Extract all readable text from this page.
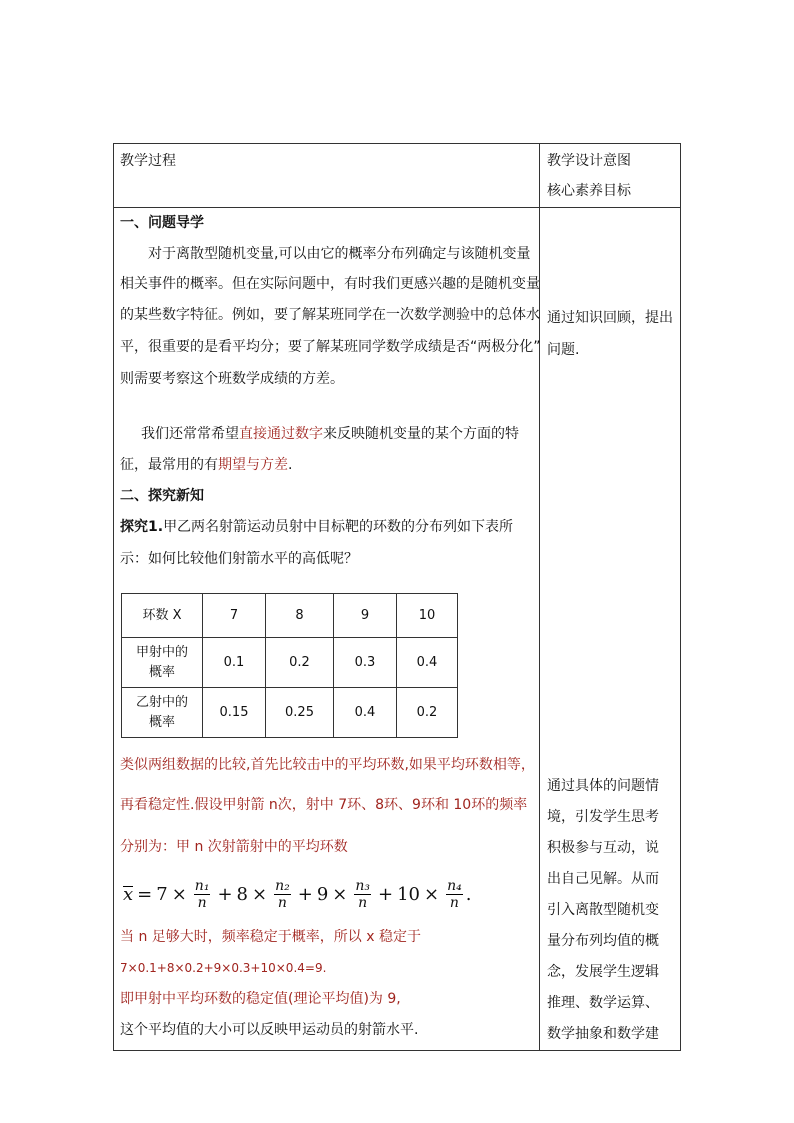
教学过程	教学设计意图
核心素养目标
一、问题导学
对于离散型随机变量,可以由它的概率分布列确定与该随机变量
相关事件的概率。但在实际问题中，有时我们更感兴趣的是随机变量
的某些数字特征。例如，要了解某班同学在一次数学测验中的总体水
平，很重要的是看平均分；要了解某班同学数学成绩是否“两极分化”
则需要考察这个班数学成绩的方差。
我们还常常希望直接通过数字来反映随机变量的某个方面的特
征，最常用的有期望与方差.
二、探究新知
探究1.甲乙两名射箭运动员射中目标靶的环数的分布列如下表所
示：如何比较他们射箭水平的高低呢？
环数 X	7	8	9	10

甲射中的
概率	0.1	0.2	0.3	0.4

乙射中的
概率	0.15	0.25	0.4	0.2
类似两组数据的比较,首先比较击中的平均环数,如果平均环数相等，
再看稳定性.假设甲射箭 n次，射中 7环、8环、9环和 10环的频率
分别为：甲 n 次射箭射中的平均环数
$x = 7 \times \frac{\text{n₁}}{n} + 8 \times \frac{\text{n₂}}{n} + 9 \times \frac{\text{n₃}}{n} + 10 \times \frac{\text{n₄}}{n}$ .
当 n 足够大时，频率稳定于概率，所以 x 稳定于
7×0.1+8×0.2+9×0.3+10×0.4=9.
即甲射中平均环数的稳定值(理论平均值)为 9,
这个平均值的大小可以反映甲运动员的射箭水平.
通过知识回顾，提出
问题.
通过具体的问题情
境，引发学生思考
积极参与互动，说
出自己见解。从而
引入离散型随机变
量分布列均值的概
念，发展学生逻辑
推理、数学运算、
数学抽象和数学建
